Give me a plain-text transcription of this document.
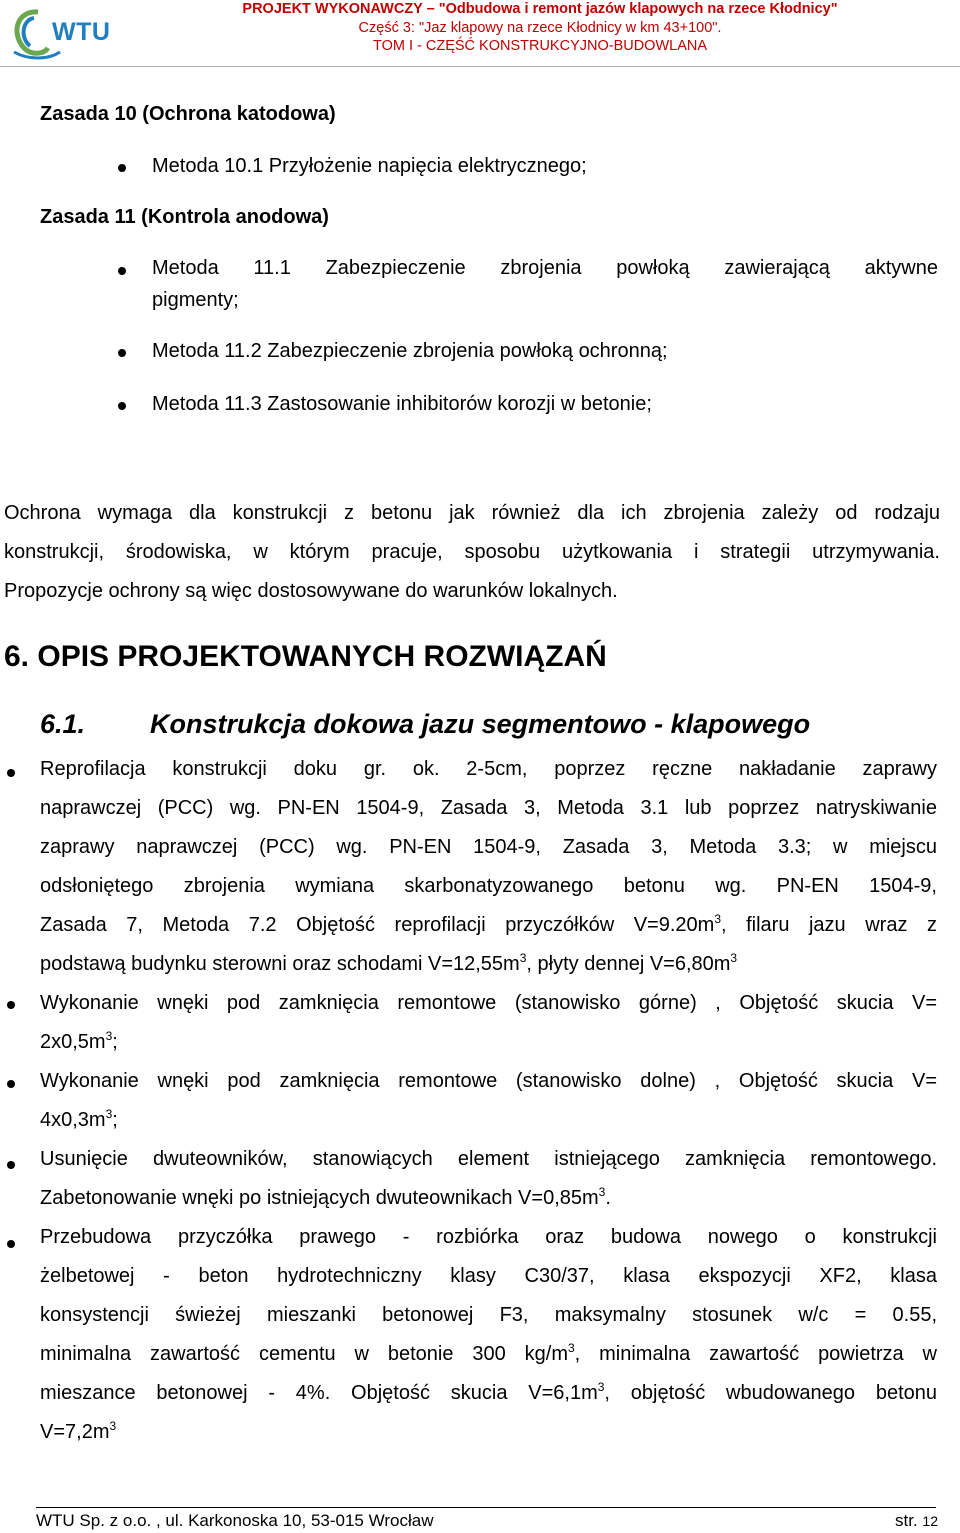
WTU
PROJEKT WYKONAWCZY – "Odbudowa i remont jazów klapowych na rzece Kłodnicy"
Część 3: "Jaz klapowy na rzece Kłodnicy w km 43+100".
TOM I - CZĘŚĆ KONSTRUKCYJNO-BUDOWLANA
Zasada 10 (Ochrona katodowa)
Metoda 10.1 Przyłożenie napięcia elektrycznego;
Zasada 11 (Kontrola anodowa)
Metoda 11.1 Zabezpieczenie zbrojenia powłoką zawierającą aktywne
pigmenty;
Metoda 11.2 Zabezpieczenie zbrojenia powłoką ochronną;
Metoda 11.3 Zastosowanie inhibitorów korozji w betonie;
Ochrona wymaga dla konstrukcji z betonu jak również dla ich zbrojenia zależy od rodzaju
konstrukcji, środowiska, w którym pracuje, sposobu użytkowania i strategii utrzymywania.
Propozycje ochrony są więc dostosowywane do warunków lokalnych.
6. OPIS PROJEKTOWANYCH ROZWIĄZAŃ
6.1. Konstrukcja dokowa jazu segmentowo - klapowego
Reprofilacja konstrukcji doku gr. ok. 2-5cm, poprzez ręczne nakładanie zaprawy
naprawczej (PCC) wg. PN-EN 1504-9, Zasada 3, Metoda 3.1 lub poprzez natryskiwanie
zaprawy naprawczej (PCC) wg. PN-EN 1504-9, Zasada 3, Metoda 3.3; w miejscu
odsłoniętego zbrojenia wymiana skarbonatyzowanego betonu wg. PN-EN 1504-9,
Zasada 7, Metoda 7.2 Objętość reprofilacji przyczółków $V=9.20m^3$, filaru jazu wraz z
podstawą budynku sterowni oraz schodami $V=12,55m^3$, płyty dennej $V=6,80m^3$
Wykonanie wnęki pod zamknięcia remontowe (stanowisko górne) , Objętość skucia V=
$2x0,5m^3$;
Wykonanie wnęki pod zamknięcia remontowe (stanowisko dolne) , Objętość skucia V=
$4x0,3m^3$;
Usunięcie dwuteowników, stanowiących element istniejącego zamknięcia remontowego.
Zabetonowanie wnęki po istniejących dwuteownikach $V=0,85m^3$.
Przebudowa przyczółka prawego - rozbiórka oraz budowa nowego o konstrukcji
żelbetowej - beton hydrotechniczny klasy C30/37, klasa ekspozycji XF2, klasa
konsystencji świeżej mieszanki betonowej F3, maksymalny stosunek w/c = 0.55,
minimalna zawartość cementu w betonie 300 $kg/m^3$, minimalna zawartość powietrza w
mieszance betonowej - 4%. Objętość skucia $V=6,1m^3$, objętość wbudowanego betonu
$V=7,2m^3$
WTU Sp. z o.o. , ul. Karkonoska 10, 53-015 Wrocław	str. 12
